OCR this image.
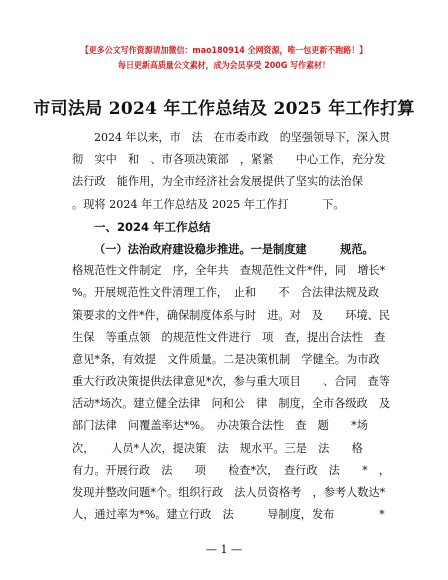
【更多公文写作资源请加微信：mao180914 全网资源，唯一包更新不跑路！】
每日更新高质量公文素材，成为会员享受 200G 写作素材！
市司法局 2024 年工作总结及 2025 年工作打算
2024 年以来，市　法　在市委市政　的坚强领导下，深入贯
彻　实中　和　、市各项决策部　，紧紧　　中心工作，充分发
法行政　能作用，为全市经济社会发展提供了坚实的法治保
。现将 2024 年工作总结及 2025 年工作打　　　下。
一、2024 年工作总结
（一）法治政府建设稳步推进。一是制度建　　　规范。
格规范性文件制定　序，全年共　查规范性文件*件，同　增长*
%。开展规范性文件清理工作，　止和　　不　合法律法规及政
策要求的文件*件，确保制度体系与时　进。对　及　　环境、民
生保　等重点领　的规范性文件进行　项　查，提出合法性　查
意见*条，有效提　文件质量。二是决策机制　学健全。为市政
重大行政决策提供法律意见*次，参与重大项目　　、合同　查等
活动*场次。建立健全法律　问和公　律　制度，全市各级政　及
部门法律　问覆盖率达*%。　办决策合法性　查　题　　*场
次，　　人员*人次，提决策　法　规水平。三是　法　　格
有力。开展行政　法　　项　　检查*次，　查行政　法　　*　，
发现并整改问题*个。组织行政　法人员资格考　，参考人数达*
人，通过率为*%。建立行政　法　　　导制度，发布　　　　*
— 1 —
